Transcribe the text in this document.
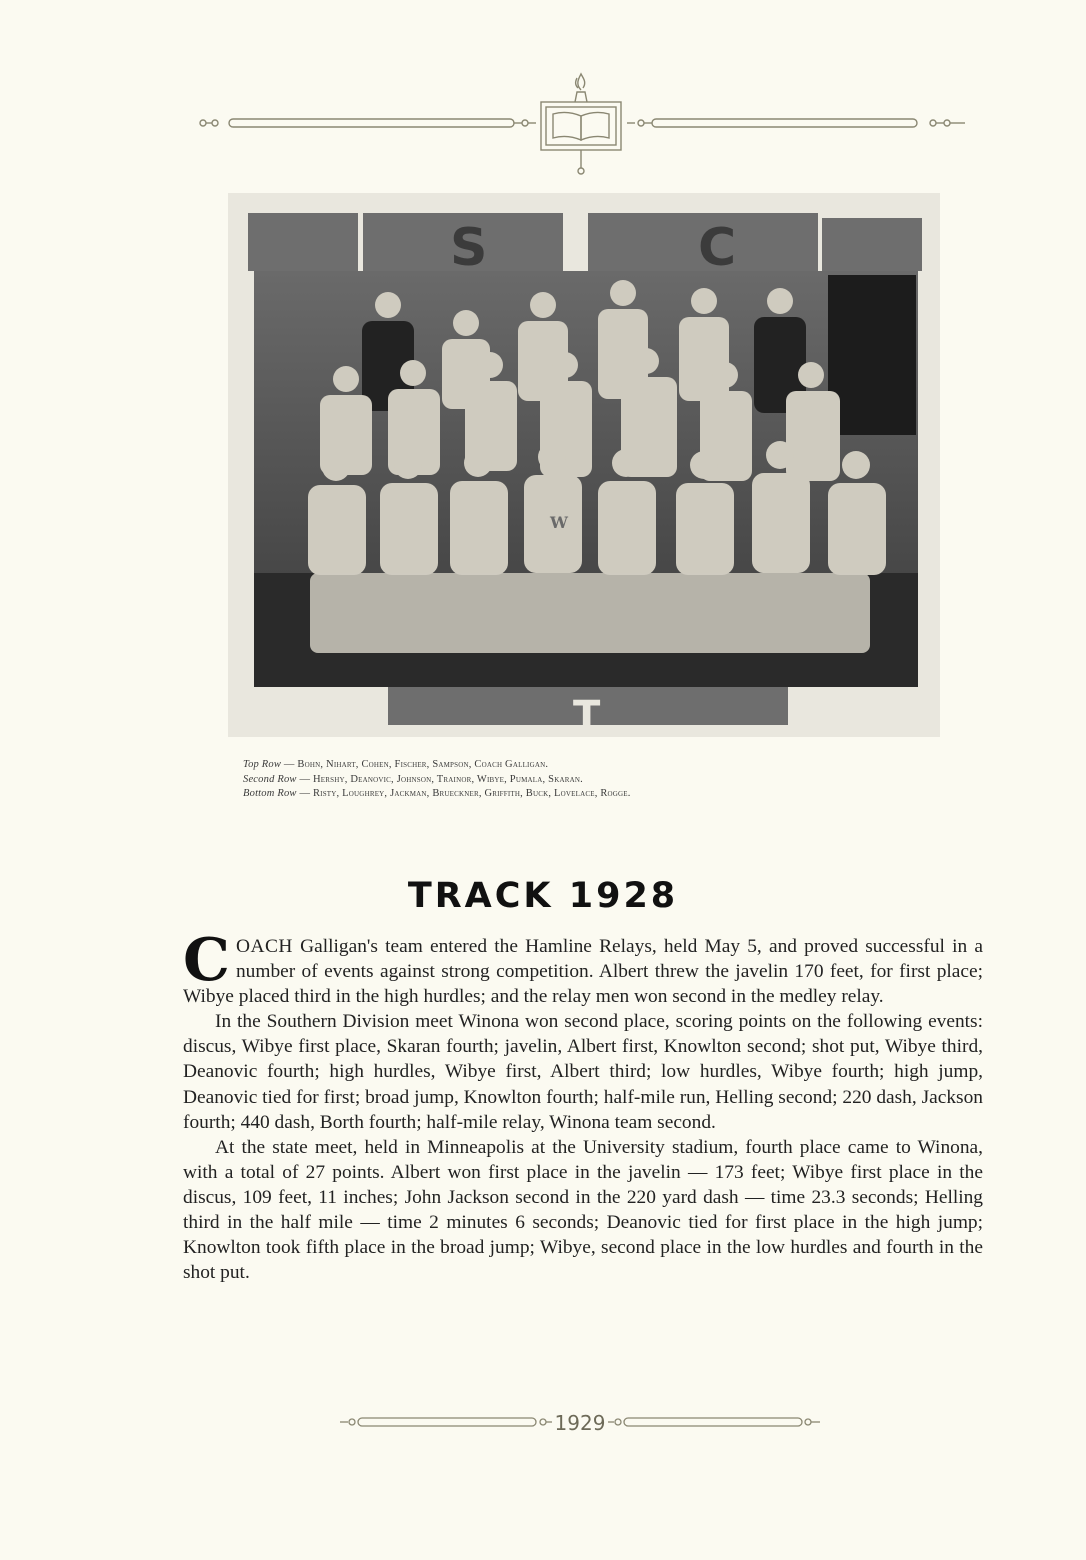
S	C
T
W
Top Row — Bohn, Nihart, Cohen, Fischer, Sampson, Coach Galligan.
Second Row — Hershy, Deanovic, Johnson, Trainor, Wibye, Pumala, Skaran.
Bottom Row — Risty, Loughrey, Jackman, Brueckner, Griffith, Buck, Lovelace, Rogge.
TRACK 1928

COACH Galligan's team entered the Hamline Relays, held May 5, and proved successful in a number of events against strong competition. Albert threw the javelin 170 feet, for first place; Wibye placed third in the high hurdles; and the relay men won second in the medley relay.

In the Southern Division meet Winona won second place, scoring points on the following events: discus, Wibye first place, Skaran fourth; javelin, Albert first, Knowlton second; shot put, Wibye third, Deanovic fourth; high hurdles, Wibye first, Albert third; low hurdles, Wibye fourth; high jump, Deanovic tied for first; broad jump, Knowlton fourth; half-mile run, Helling second; 220 dash, Jackson fourth; 440 dash, Borth fourth; half-mile relay, Winona team second.

At the state meet, held in Minneapolis at the University stadium, fourth place came to Winona, with a total of 27 points. Albert won first place in the javelin — 173 feet; Wibye first place in the discus, 109 feet, 11 inches; John Jackson second in the 220 yard dash — time 23.3 seconds; Helling third in the half mile — time 2 minutes 6 seconds; Deanovic tied for first place in the high jump; Knowlton took fifth place in the broad jump; Wibye, second place in the low hurdles and fourth in the shot put.

1929
